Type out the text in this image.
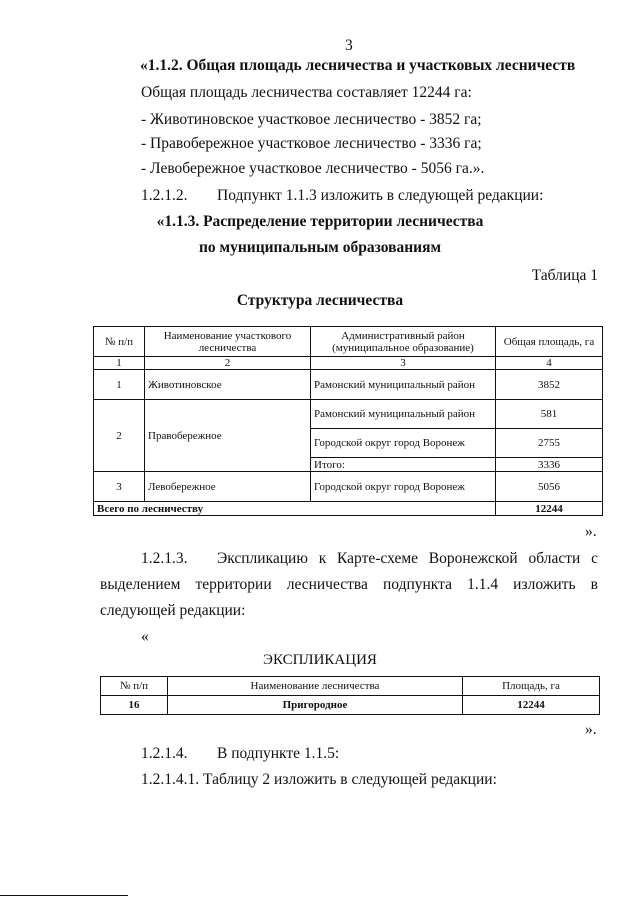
3
«1.1.2. Общая площадь лесничества и участковых лесничеств
Общая площадь лесничества составляет 12244 га:
- Животиновское участковое лесничество - 3852 га;
- Правобережное участковое лесничество - 3336 га;
- Левобережное участковое лесничество - 5056 га.».
1.2.1.2. Подпункт 1.1.3 изложить в следующей редакции:
«1.1.3. Распределение территории лесничества
по муниципальным образованиям
Таблица 1
Структура лесничества
№ п/п	Наименование участкового лесничества	Административный район (муниципальное образование)	Общая площадь, га
1	2	3	4
1	Животиновское	Рамонский муниципальный район	3852
2	Правобережное	Рамонский муниципальный район	581
		Городской округ город Воронеж	2755
		Итого:	3336
3	Левобережное	Городской округ город Воронеж	5056
Всего по лесничеству			12244
».
1.2.1.3. Экспликацию к Карте-схеме Воронежской области с
выделением территории лесничества подпункта 1.1.4 изложить в
следующей редакции:
«
ЭКСПЛИКАЦИЯ
№ п/п	Наименование лесничества	Площадь, га
16	Пригородное	12244
».
1.2.1.4. В подпункте 1.1.5:
1.2.1.4.1. Таблицу 2 изложить в следующей редакции:
